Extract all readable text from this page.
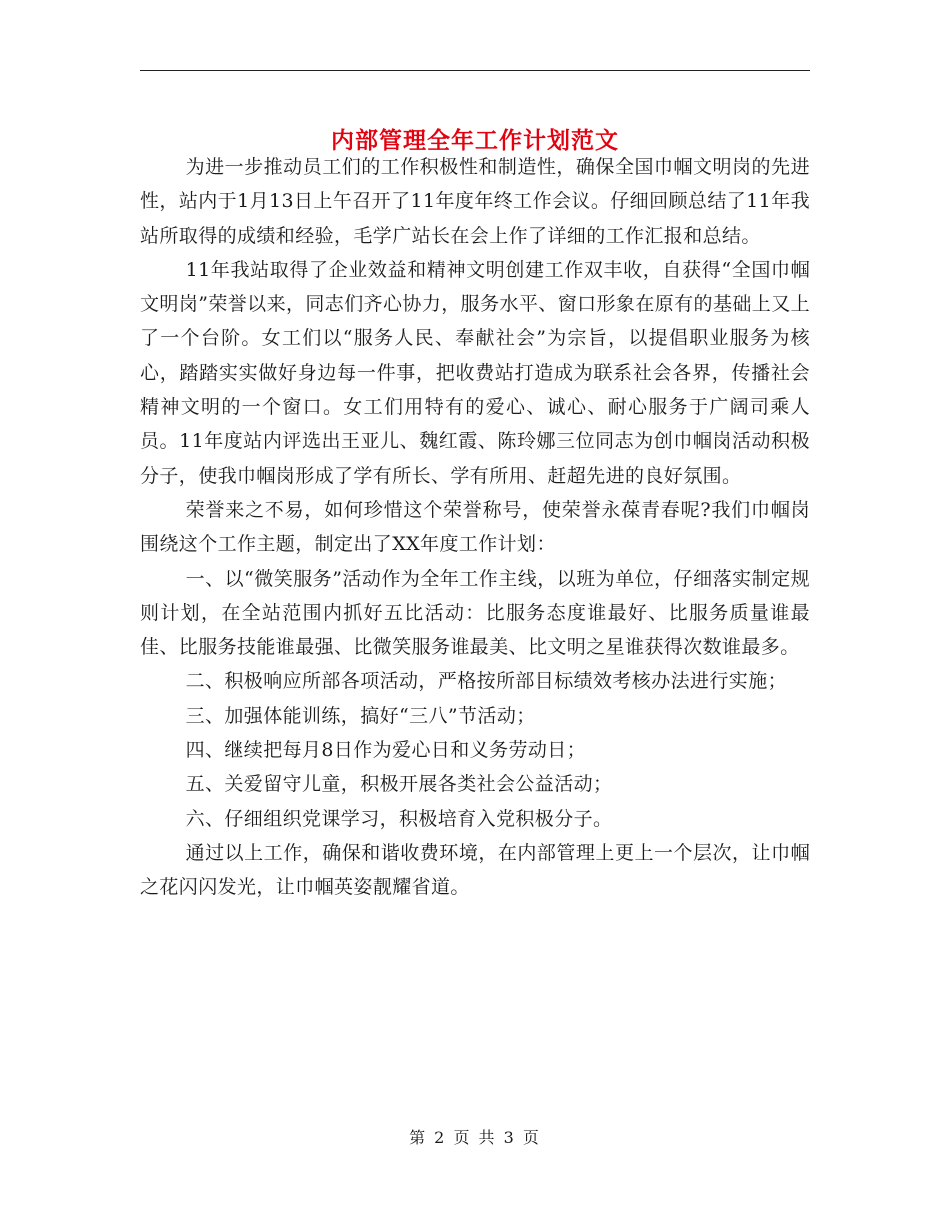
内部管理全年工作计划范文

为进一步推动员工们的工作积极性和制造性，确保全国巾帼文明岗的先进性，站内于1月13日上午召开了11年度年终工作会议。仔细回顾总结了11年我站所取得的成绩和经验，毛学广站长在会上作了详细的工作汇报和总结。

11年我站取得了企业效益和精神文明创建工作双丰收，自获得“全国巾帼文明岗”荣誉以来，同志们齐心协力，服务水平、窗口形象在原有的基础上又上了一个台阶。女工们以“服务人民、奉献社会”为宗旨，以提倡职业服务为核心，踏踏实实做好身边每一件事，把收费站打造成为联系社会各界，传播社会精神文明的一个窗口。女工们用特有的爱心、诚心、耐心服务于广阔司乘人员。11年度站内评选出王亚儿、魏红霞、陈玲娜三位同志为创巾帼岗活动积极分子，使我巾帼岗形成了学有所长、学有所用、赶超先进的良好氛围。

荣誉来之不易，如何珍惜这个荣誉称号，使荣誉永葆青春呢?我们巾帼岗围绕这个工作主题，制定出了XX年度工作计划：

一、以“微笑服务”活动作为全年工作主线，以班为单位，仔细落实制定规则计划，在全站范围内抓好五比活动：比服务态度谁最好、比服务质量谁最佳、比服务技能谁最强、比微笑服务谁最美、比文明之星谁获得次数谁最多。

二、积极响应所部各项活动，严格按所部目标绩效考核办法进行实施；

三、加强体能训练，搞好“三八”节活动；

四、继续把每月8日作为爱心日和义务劳动日；

五、关爱留守儿童，积极开展各类社会公益活动；

六、仔细组织党课学习，积极培育入党积极分子。

通过以上工作，确保和谐收费环境，在内部管理上更上一个层次，让巾帼之花闪闪发光，让巾帼英姿靓耀省道。

第 2 页 共 3 页
